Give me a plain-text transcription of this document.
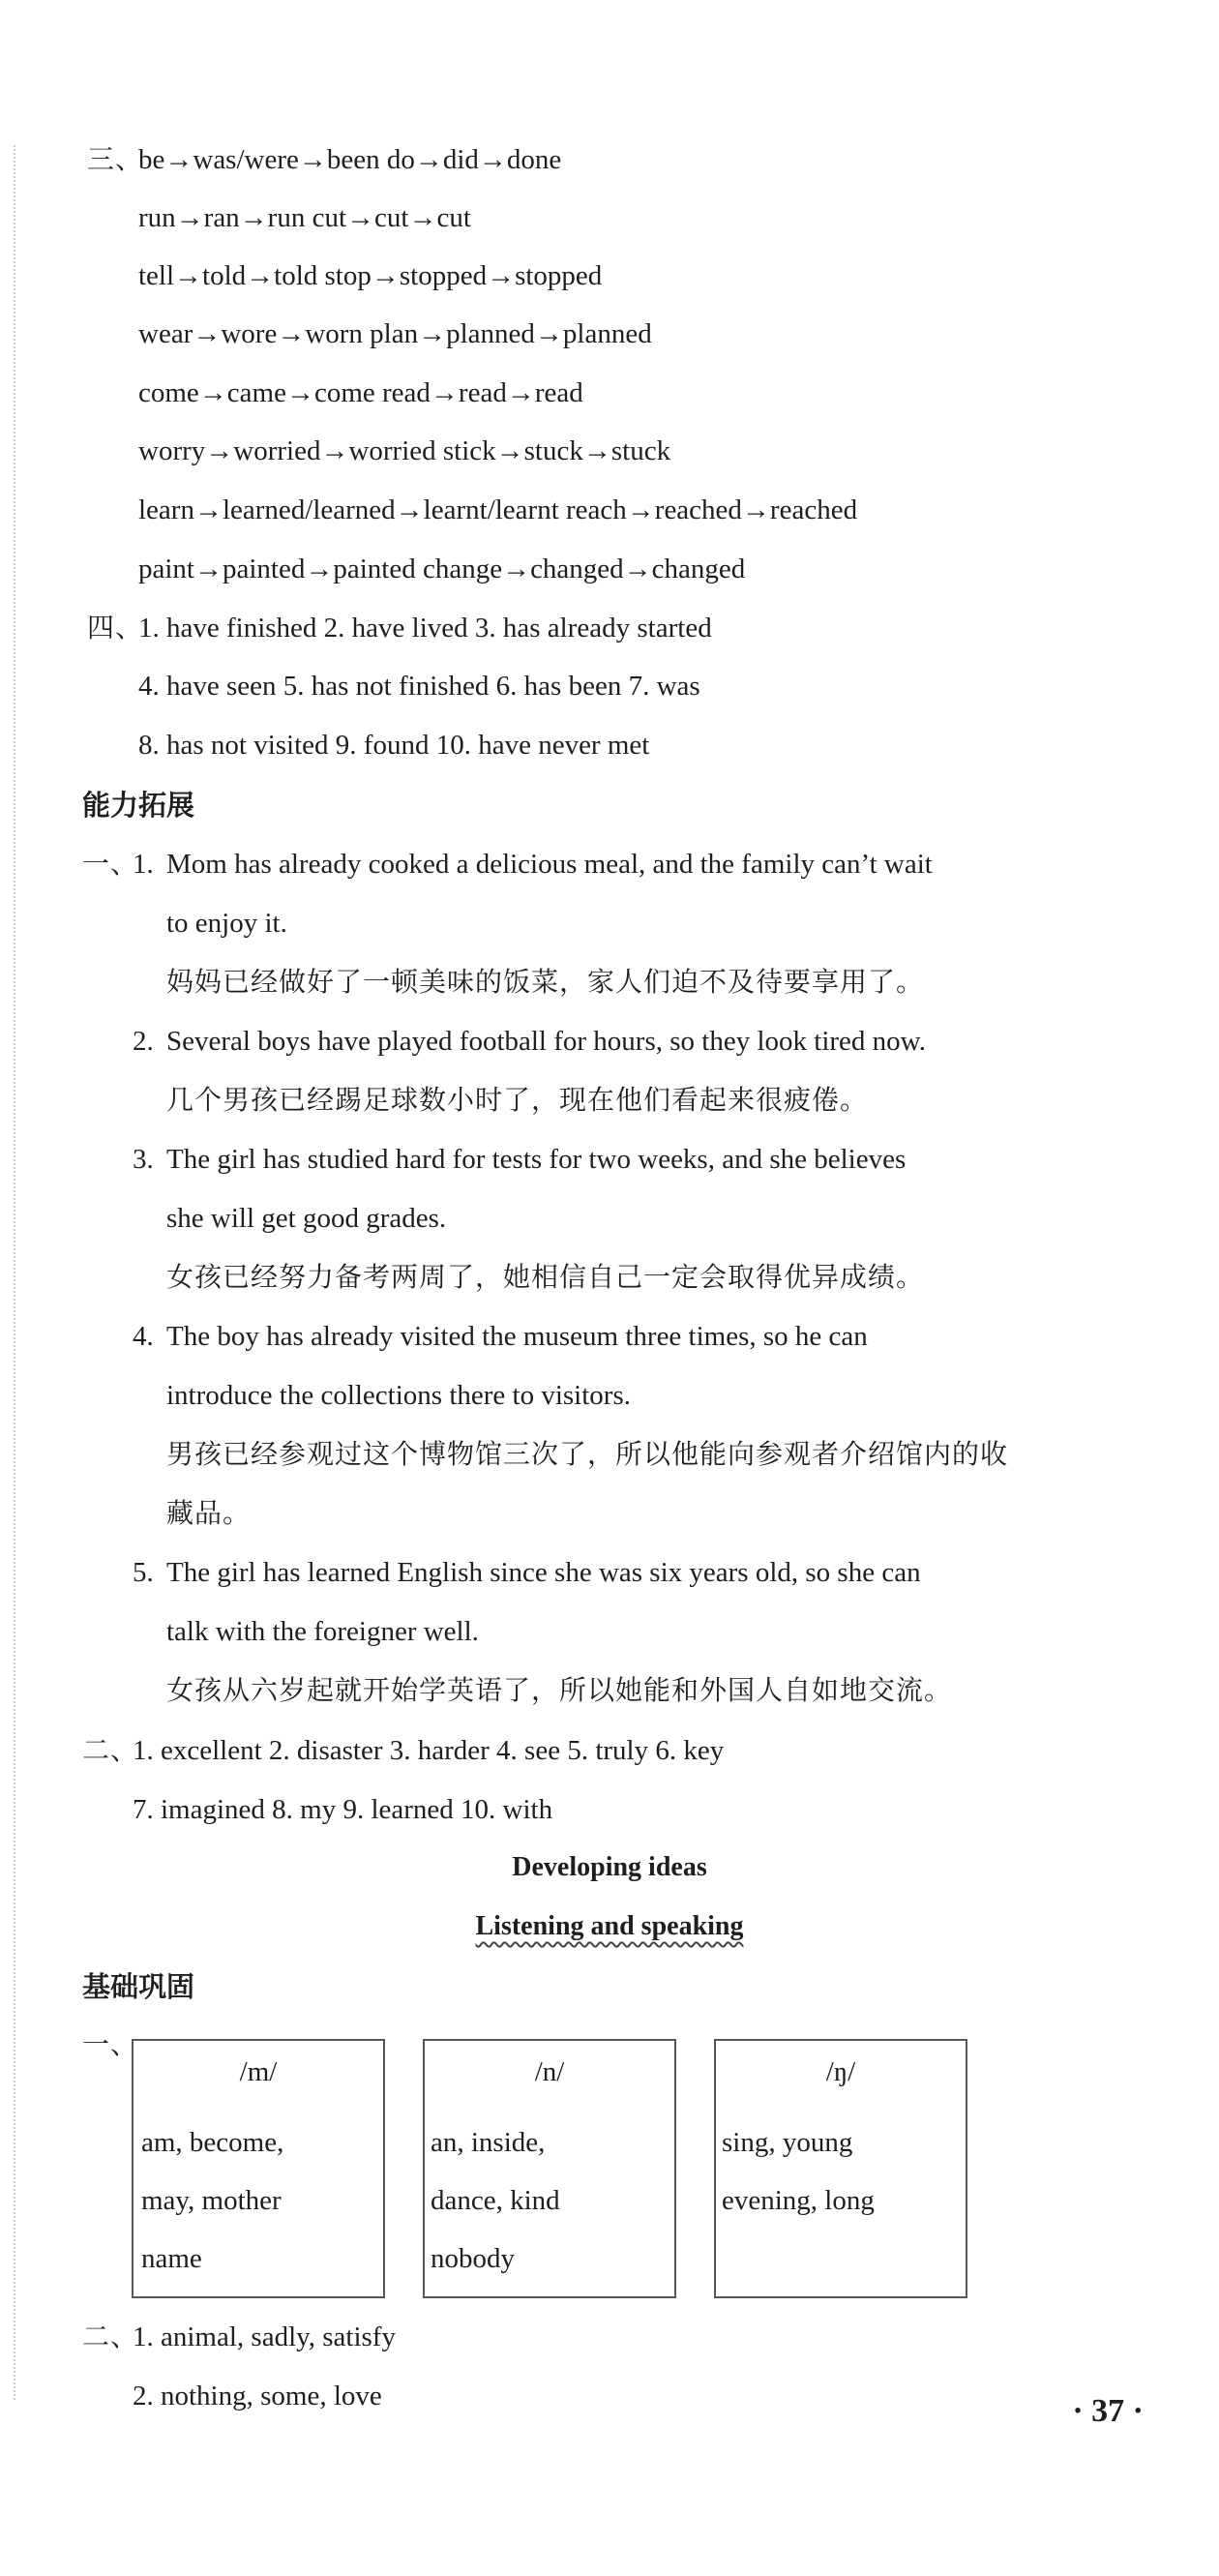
三、
be→was/were→been do→did→done
run→ran→run cut→cut→cut
tell→told→told stop→stopped→stopped
wear→wore→worn plan→planned→planned
come→came→come read→read→read
worry→worried→worried stick→stuck→stuck
learn→learned/learned→learnt/learnt reach→reached→reached
paint→painted→painted change→changed→changed
四、
1. have finished 2. have lived 3. has already started
4. have seen 5. has not finished 6. has been 7. was
8. has not visited 9. found 10. have never met
能力拓展
一、
1. Mom has already cooked a delicious meal, and the family can’t wait
to enjoy it.
妈妈已经做好了一顿美味的饭菜，家人们迫不及待要享用了。
2. Several boys have played football for hours, so they look tired now.
几个男孩已经踢足球数小时了，现在他们看起来很疲倦。
3. The girl has studied hard for tests for two weeks, and she believes
she will get good grades.
女孩已经努力备考两周了，她相信自己一定会取得优异成绩。
4. The boy has already visited the museum three times, so he can
introduce the collections there to visitors.
男孩已经参观过这个博物馆三次了，所以他能向参观者介绍馆内的收
藏品。
5. The girl has learned English since she was six years old, so she can
talk with the foreigner well.
女孩从六岁起就开始学英语了，所以她能和外国人自如地交流。
二、
1. excellent 2. disaster 3. harder 4. see 5. truly 6. key
7. imagined 8. my 9. learned 10. with
Developing ideas
Listening and speaking
基础巩固
一、
/m/
am, become,
may, mother
name
/n/
an, inside,
dance, kind
nobody
/ŋ/
sing, young
evening, long
二、
1. animal, sadly, satisfy
2. nothing, some, love	· 37 ·
